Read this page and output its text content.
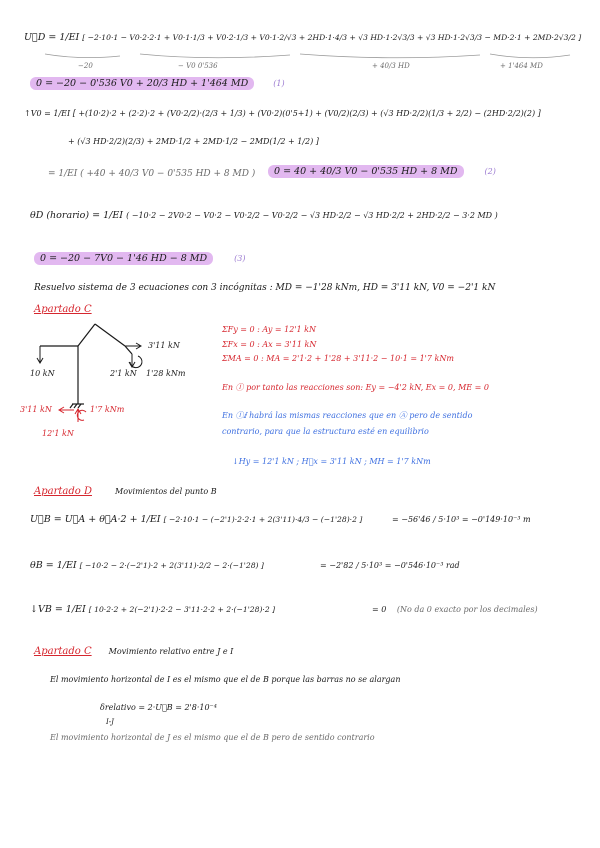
U⃗D = 1/EI [ −2·10·1 − V0·2·2·1 + V0·1·1/3 + V0·2·1/3 + V0·1·2/√3 + 2HD·1·4/3 + √3 HD·1·2√3/3 + √3 HD·1·2√3/3 − MD·2·1 + 2MD·2√3/2 ]
−20	− V0 0'536	+ 40/3 HD	+ 1'464 MD
0 = −20 − 0'536 V0 + 20/3 HD + 1'464 MD	(1)
↑V0 = 1/EI [ +(10·2)·2 + (2·2)·2 + (V0·2/2)·(2/3 + 1/3) + (V0·2)(0'5+1) + (V0/2)(2/3) + (√3 HD·2/2)(1/3 + 2/2) − (2HD·2/2)(2) ]
+ (√3 HD·2/2)(2/3) + 2MD·1/2 + 2MD·1/2 − 2MD(1/2 + 1/2) ]
= 1/EI ( +40 + 40/3 V0 − 0'535 HD + 8 MD )	0 = 40 + 40/3 V0 − 0'535 HD + 8 MD	(2)
θD (horario) = 1/EI ( −10·2 − 2V0·2 − V0·2 − V0·2/2 − V0·2/2 − √3 HD·2/2 − √3 HD·2/2 + 2HD·2/2 − 3·2 MD )
0 = −20 − 7V0 − 1'46 HD − 8 MD	(3)
Resuelvo sistema de 3 ecuaciones con 3 incógnitas : MD = −1'28 kNm, HD = 3'11 kN, V0 = −2'1 kN
Apartado C
10 kN
3'11 kN
2'1 kN 1'28 kNm
3'11 kN	1'7 kNm
12'1 kN
ΣFy = 0 : Ay = 12'1 kN
ΣFx = 0 : Ax = 3'11 kN
ΣMA = 0 : MA = 2'1·2 + 1'28 + 3'11·2 − 10·1 = 1'7 kNm
En Ⓘ por tanto las reacciones son: Ey = −4'2 kN, Ex = 0, ME = 0
En Ⓘⅈ habrá las mismas reacciones que en Ⓐ pero de sentido
contrario, para que la estructura esté en equilibrio
↓Hy = 12'1 kN ; H⃗x = 3'11 kN ; MH = 1'7 kNm
Apartado D	Movimientos del punto B
U⃗B = U⃗A + θ⃗A·2 + 1/EI [ −2·10·1 − (−2'1)·2·2·1 + 2(3'11)·4/3 − (−1'28)·2 ]	= −56'46 / 5·10³ = −0'149·10⁻³ m
θB = 1/EI [ −10·2 − 2·(−2'1)·2 + 2(3'11)·2/2 − 2·(−1'28) ]	= −2'82 / 5·10³ = −0'546·10⁻³ rad
↓VB = 1/EI [ 10·2·2 + 2(−2'1)·2·2 − 3'11·2·2 + 2·(−1'28)·2 ]	= 0 (No da 0 exacto por los decimales)
Apartado C Movimiento relativo entre J e I
El movimiento horizontal de I es el mismo que el de B porque las barras no se alargan
δrelativo = 2·U⃗B = 2'8·10⁻⁴
I-J
El movimiento horizontal de J es el mismo que el de B pero de sentido contrario
